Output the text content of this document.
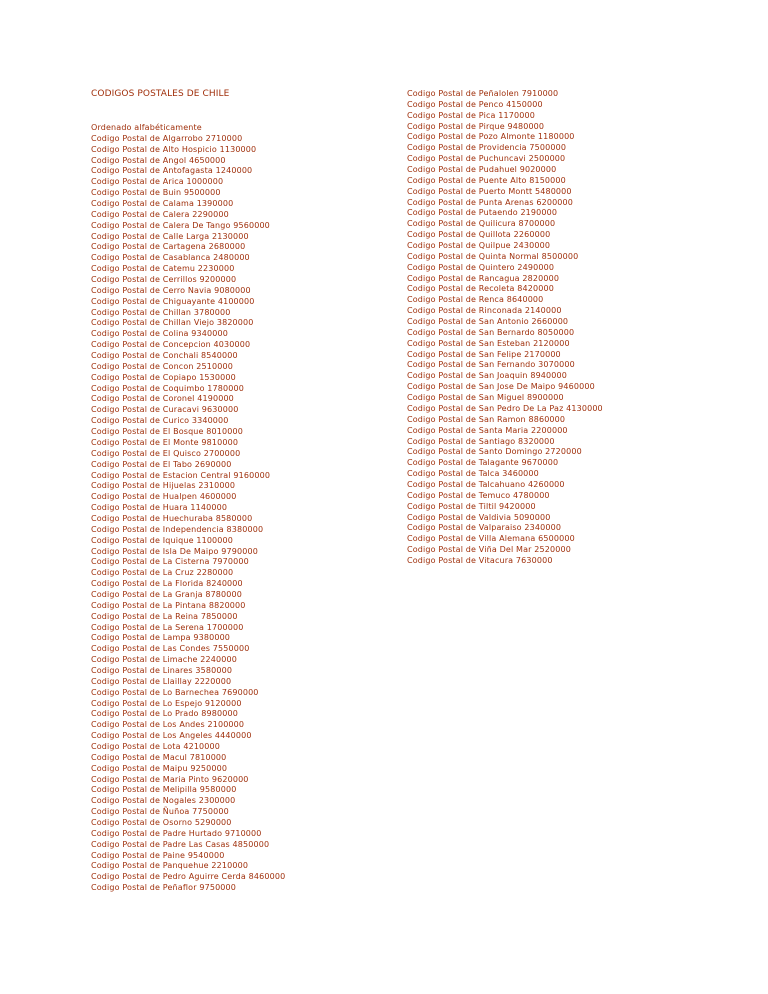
CODIGOS POSTALES DE CHILE
Ordenado alfabéticamente
Codigo Postal de Algarrobo 2710000
Codigo Postal de Alto Hospicio 1130000
Codigo Postal de Angol 4650000
Codigo Postal de Antofagasta 1240000
Codigo Postal de Arica 1000000
Codigo Postal de Buin 9500000
Codigo Postal de Calama 1390000
Codigo Postal de Calera 2290000
Codigo Postal de Calera De Tango 9560000
Codigo Postal de Calle Larga 2130000
Codigo Postal de Cartagena 2680000
Codigo Postal de Casablanca 2480000
Codigo Postal de Catemu 2230000
Codigo Postal de Cerrillos 9200000
Codigo Postal de Cerro Navia 9080000
Codigo Postal de Chiguayante 4100000
Codigo Postal de Chillan 3780000
Codigo Postal de Chillan Viejo 3820000
Codigo Postal de Colina 9340000
Codigo Postal de Concepcion 4030000
Codigo Postal de Conchali 8540000
Codigo Postal de Concon 2510000
Codigo Postal de Copiapo 1530000
Codigo Postal de Coquimbo 1780000
Codigo Postal de Coronel 4190000
Codigo Postal de Curacavi 9630000
Codigo Postal de Curico 3340000
Codigo Postal de El Bosque 8010000
Codigo Postal de El Monte 9810000
Codigo Postal de El Quisco 2700000
Codigo Postal de El Tabo 2690000
Codigo Postal de Estacion Central 9160000
Codigo Postal de Hijuelas 2310000
Codigo Postal de Hualpen 4600000
Codigo Postal de Huara 1140000
Codigo Postal de Huechuraba 8580000
Codigo Postal de Independencia 8380000
Codigo Postal de Iquique 1100000
Codigo Postal de Isla De Maipo 9790000
Codigo Postal de La Cisterna 7970000
Codigo Postal de La Cruz 2280000
Codigo Postal de La Florida 8240000
Codigo Postal de La Granja 8780000
Codigo Postal de La Pintana 8820000
Codigo Postal de La Reina 7850000
Codigo Postal de La Serena 1700000
Codigo Postal de Lampa 9380000
Codigo Postal de Las Condes 7550000
Codigo Postal de Limache 2240000
Codigo Postal de Linares 3580000
Codigo Postal de Llaillay 2220000
Codigo Postal de Lo Barnechea 7690000
Codigo Postal de Lo Espejo 9120000
Codigo Postal de Lo Prado 8980000
Codigo Postal de Los Andes 2100000
Codigo Postal de Los Angeles 4440000
Codigo Postal de Lota 4210000
Codigo Postal de Macul 7810000
Codigo Postal de Maipu 9250000
Codigo Postal de Maria Pinto 9620000
Codigo Postal de Melipilla 9580000
Codigo Postal de Nogales 2300000
Codigo Postal de Ñuñoa 7750000
Codigo Postal de Osorno 5290000
Codigo Postal de Padre Hurtado 9710000
Codigo Postal de Padre Las Casas 4850000
Codigo Postal de Paine 9540000
Codigo Postal de Panquehue 2210000
Codigo Postal de Pedro Aguirre Cerda 8460000
Codigo Postal de Peñaflor 9750000
Codigo Postal de Peñalolen 7910000
Codigo Postal de Penco 4150000
Codigo Postal de Pica 1170000
Codigo Postal de Pirque 9480000
Codigo Postal de Pozo Almonte 1180000
Codigo Postal de Providencia 7500000
Codigo Postal de Puchuncavi 2500000
Codigo Postal de Pudahuel 9020000
Codigo Postal de Puente Alto 8150000
Codigo Postal de Puerto Montt 5480000
Codigo Postal de Punta Arenas 6200000
Codigo Postal de Putaendo 2190000
Codigo Postal de Quilicura 8700000
Codigo Postal de Quillota 2260000
Codigo Postal de Quilpue 2430000
Codigo Postal de Quinta Normal 8500000
Codigo Postal de Quintero 2490000
Codigo Postal de Rancagua 2820000
Codigo Postal de Recoleta 8420000
Codigo Postal de Renca 8640000
Codigo Postal de Rinconada 2140000
Codigo Postal de San Antonio 2660000
Codigo Postal de San Bernardo 8050000
Codigo Postal de San Esteban 2120000
Codigo Postal de San Felipe 2170000
Codigo Postal de San Fernando 3070000
Codigo Postal de San Joaquin 8940000
Codigo Postal de San Jose De Maipo 9460000
Codigo Postal de San Miguel 8900000
Codigo Postal de San Pedro De La Paz 4130000
Codigo Postal de San Ramon 8860000
Codigo Postal de Santa Maria 2200000
Codigo Postal de Santiago 8320000
Codigo Postal de Santo Domingo 2720000
Codigo Postal de Talagante 9670000
Codigo Postal de Talca 3460000
Codigo Postal de Talcahuano 4260000
Codigo Postal de Temuco 4780000
Codigo Postal de Tiltil 9420000
Codigo Postal de Valdivia 5090000
Codigo Postal de Valparaiso 2340000
Codigo Postal de Villa Alemana 6500000
Codigo Postal de Viña Del Mar 2520000
Codigo Postal de Vitacura 7630000
